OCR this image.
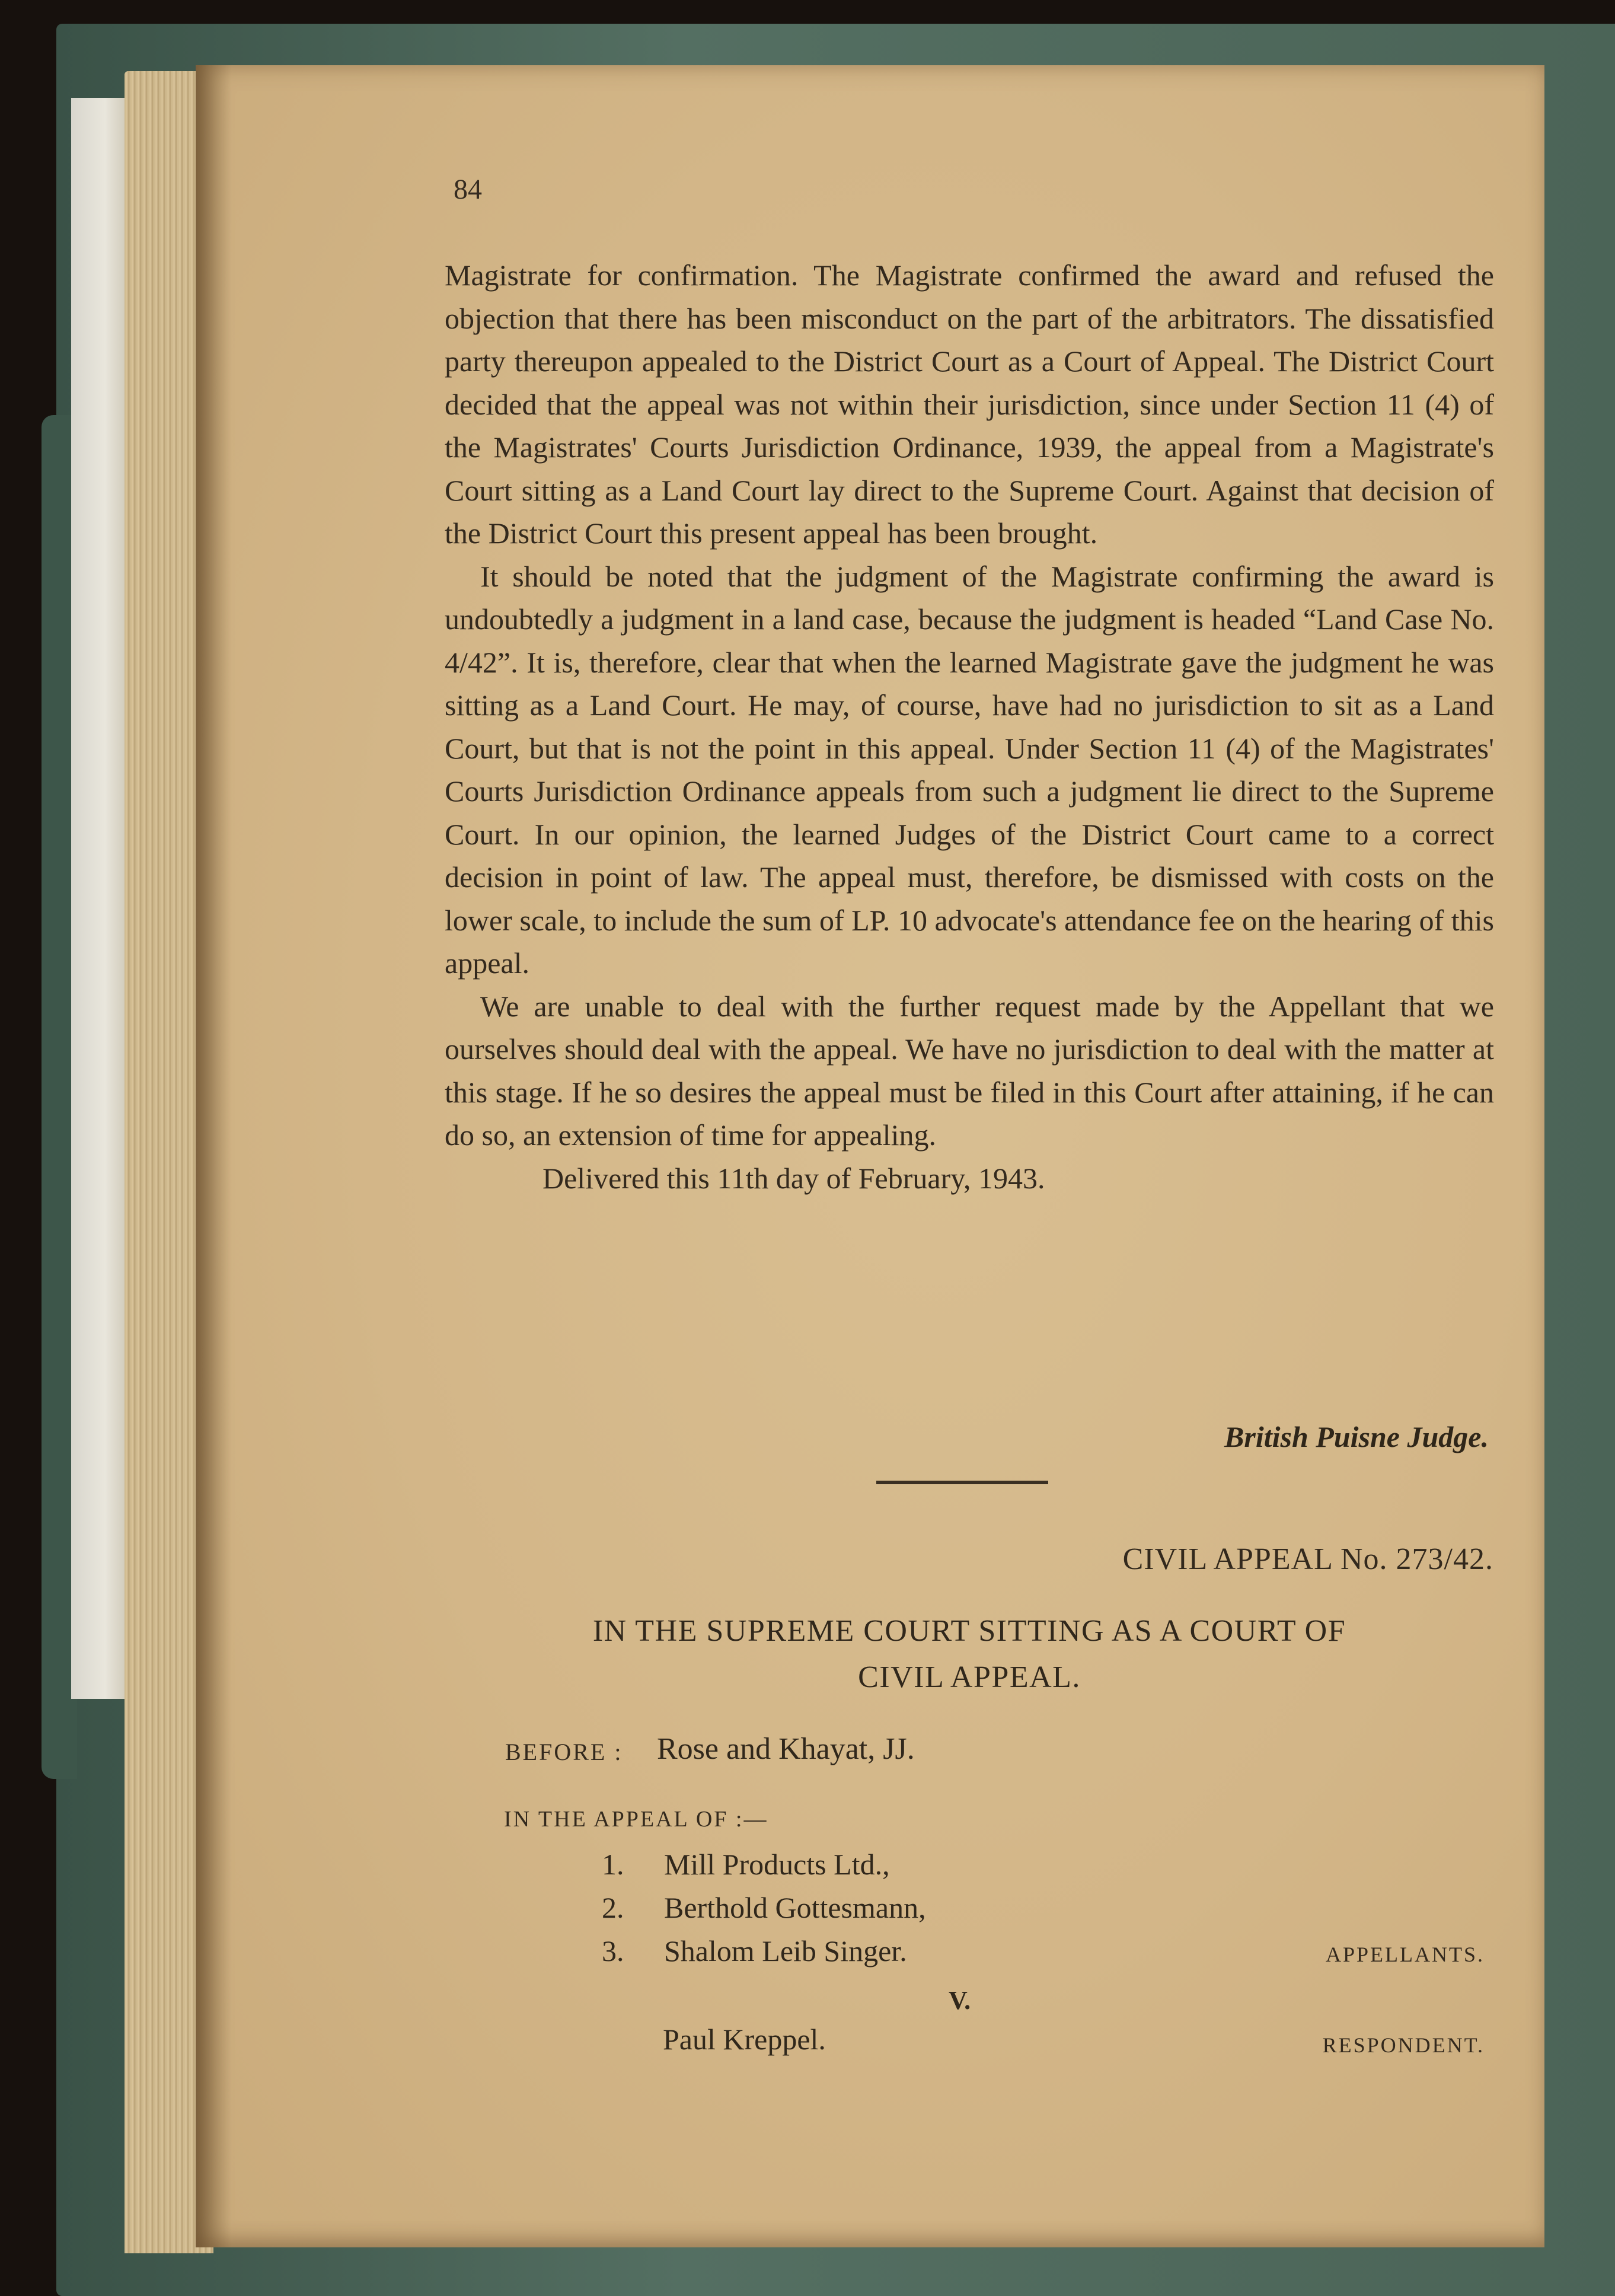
84

Magistrate for confirmation. The Magistrate confirmed the award and refused the objection that there has been misconduct on the part of the arbitrators. The dissatisfied party thereupon appealed to the District Court as a Court of Appeal. The District Court decided that the appeal was not within their jurisdiction, since under Section 11 (4) of the Magistrates' Courts Jurisdiction Ordinance, 1939, the appeal from a Magistrate's Court sitting as a Land Court lay direct to the Supreme Court. Against that decision of the District Court this present appeal has been brought.

It should be noted that the judgment of the Magistrate confirming the award is undoubtedly a judgment in a land case, because the judgment is headed “Land Case No. 4/42”. It is, therefore, clear that when the learned Magistrate gave the judgment he was sitting as a Land Court. He may, of course, have had no jurisdiction to sit as a Land Court, but that is not the point in this appeal. Under Section 11 (4) of the Magistrates' Courts Jurisdiction Ordinance appeals from such a judgment lie direct to the Supreme Court. In our opinion, the learned Judges of the District Court came to a correct decision in point of law. The appeal must, therefore, be dismissed with costs on the lower scale, to include the sum of LP. 10 advocate's attendance fee on the hearing of this appeal.

We are unable to deal with the further request made by the Appellant that we ourselves should deal with the appeal. We have no jurisdiction to deal with the matter at this stage. If he so desires the appeal must be filed in this Court after attaining, if he can do so, an extension of time for appealing.

Delivered this 11th day of February, 1943.

British Puisne Judge.
CIVIL APPEAL No. 273/42.
IN THE SUPREME COURT SITTING AS A COURT OF
CIVIL APPEAL.
BEFORE : Rose and Khayat, JJ.
IN THE APPEAL OF :—
1. Mill Products Ltd.,
2. Berthold Gottesmann,
3. Shalom Leib Singer.	APPELLANTS.
V.
Paul Kreppel.	RESPONDENT.
